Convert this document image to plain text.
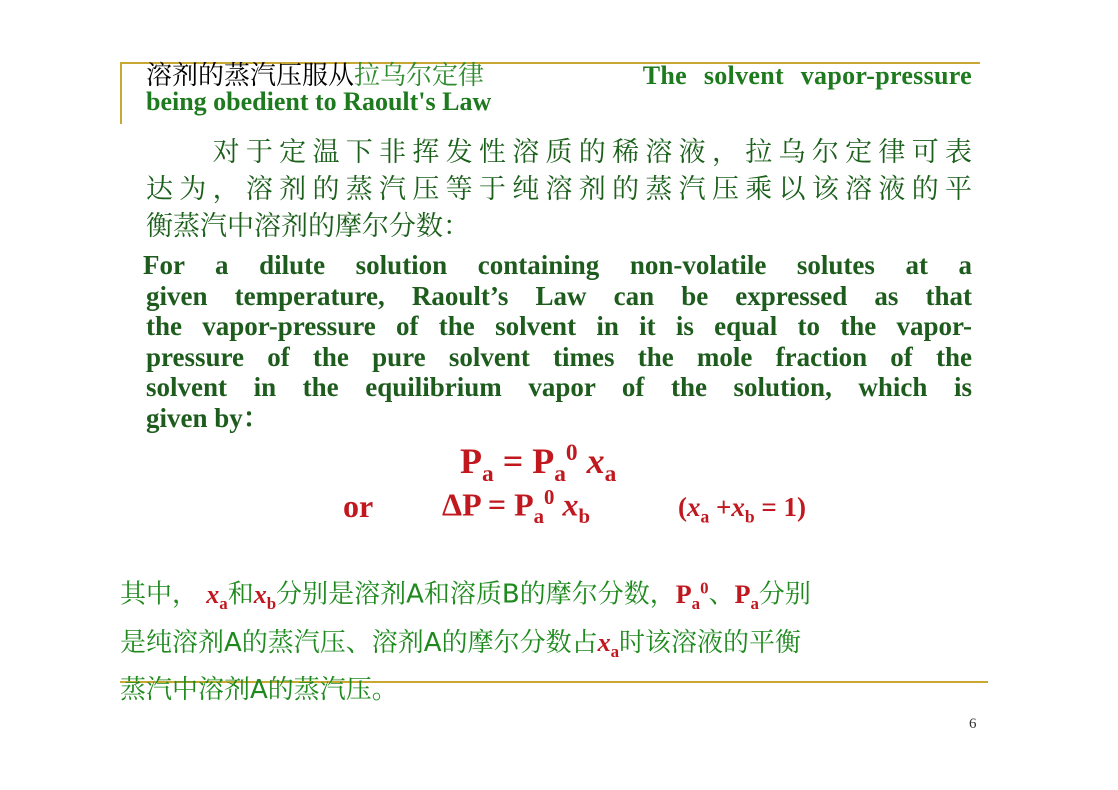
溶剂的蒸汽压服从拉乌尔定律	The solvent vapor-pressure
being obedient to Raoult's Law
　　对于定温下非挥发性溶质的稀溶液，拉乌尔定律可表
达为，溶剂的蒸汽压等于纯溶剂的蒸汽压乘以该溶液的平
衡蒸汽中溶剂的摩尔分数：
For a dilute solution containing non-volatile solutes at a
given temperature, Raoult’s Law can be expressed as that
the vapor-pressure of the solvent in it is equal to the vapor-
pressure of the pure solvent times the mole fraction of the
solvent in the equilibrium vapor of the solution, which is
given by：
$P_a = P_a^0$ $x_a$
or $\Delta P = P_a^0$ $x_b$	$(x_a +x_b = 1)$
其中， $x_a$和$x_b$分别是溶剂A和溶质B的摩尔分数，$P_a^0$、$P_a$分别
是纯溶剂A的蒸汽压、溶剂A的摩尔分数占$x_a$时该溶液的平衡
蒸汽中溶剂A的蒸汽压。
6
